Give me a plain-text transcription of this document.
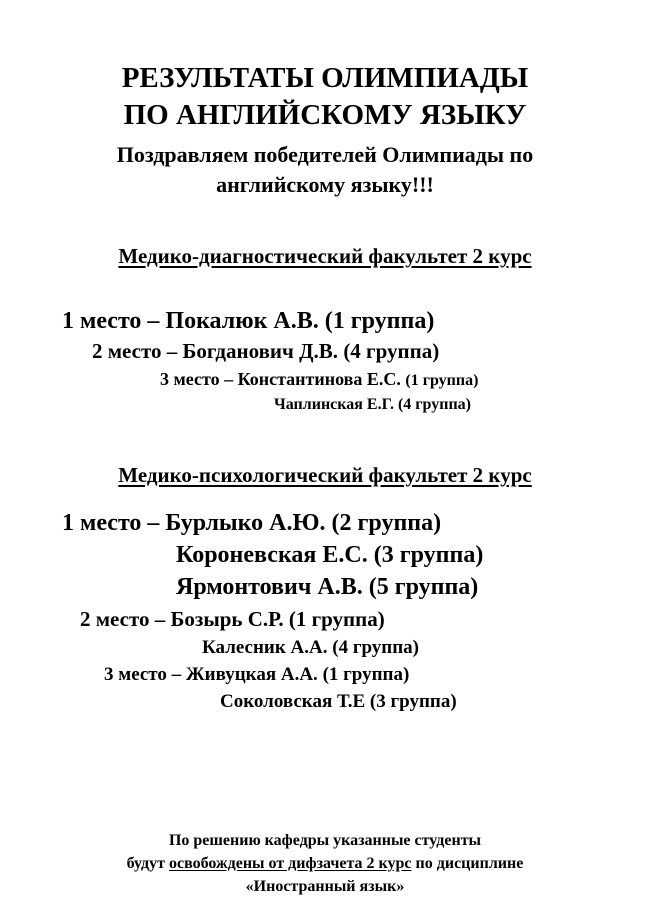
РЕЗУЛЬТАТЫ ОЛИМПИАДЫ
ПО АНГЛИЙСКОМУ ЯЗЫКУ
Поздравляем победителей Олимпиады по
английскому языку!!!
Медико-диагностический факультет 2 курс
1 место – Покалюк А.В. (1 группа)
2 место – Богданович Д.В. (4 группа)
3 место – Константинова Е.С. (1 группа)
Чаплинская Е.Г. (4 группа)
Медико-психологический факультет 2 курс
1 место – Бурлыко А.Ю. (2 группа)
Короневская Е.С. (3 группа)
Ярмонтович А.В. (5 группа)
2 место – Бозырь С.Р. (1 группа)
Калесник А.А. (4 группа)
3 место – Живуцкая А.А. (1 группа)
Соколовская Т.Е (3 группа)
По решению кафедры указанные студенты
будут освобождены от дифзачета 2 курс по дисциплине
«Иностранный язык»
